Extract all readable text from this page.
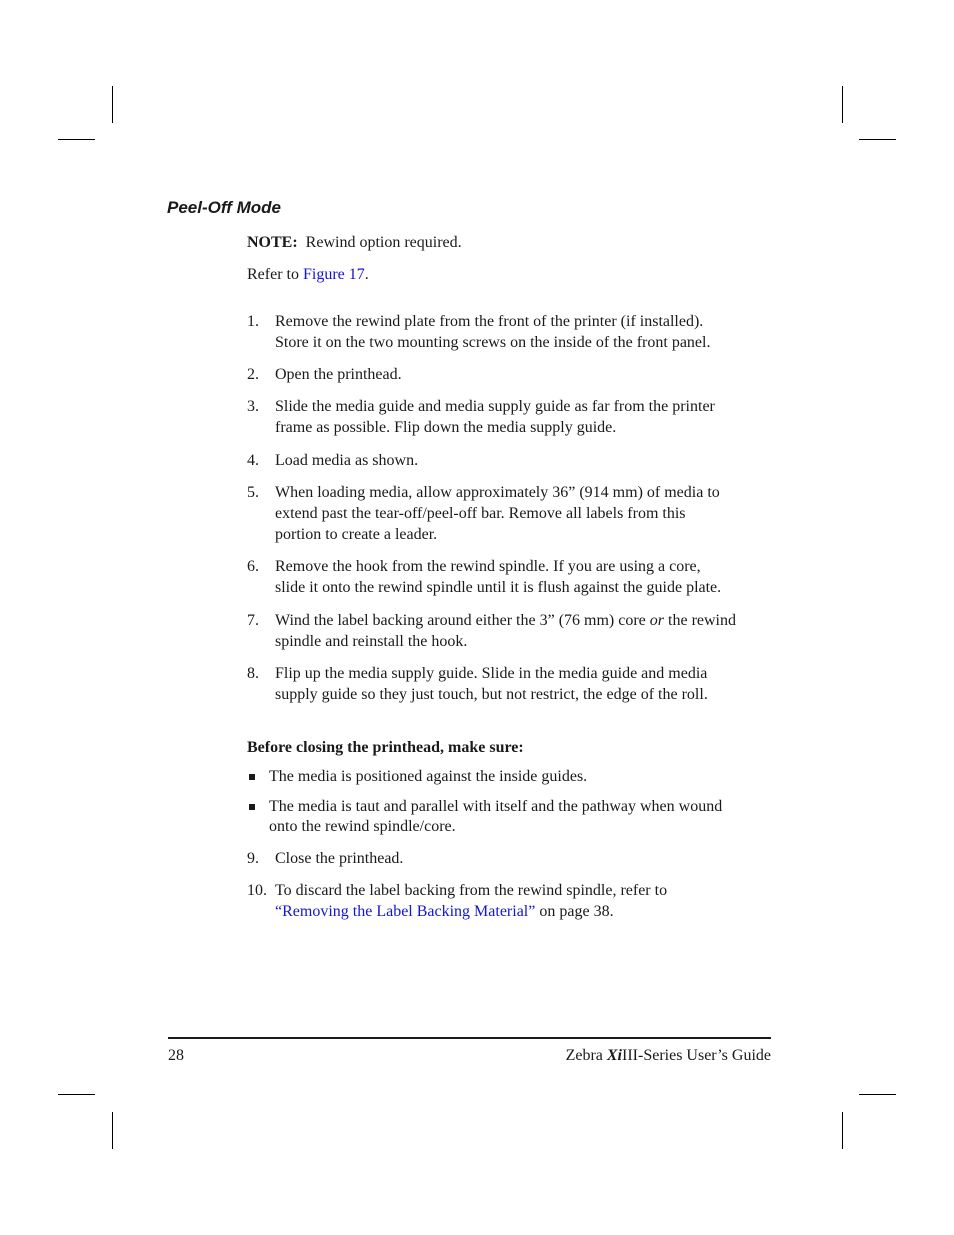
Peel-Off Mode
NOTE: Rewind option required.
Refer to Figure 17.
1. Remove the rewind plate from the front of the printer (if installed).
Store it on the two mounting screws on the inside of the front panel.
2. Open the printhead.
3. Slide the media guide and media supply guide as far from the printer
frame as possible. Flip down the media supply guide.
4. Load media as shown.
5. When loading media, allow approximately 36” (914 mm) of media to
extend past the tear-off/peel-off bar. Remove all labels from this
portion to create a leader.
6. Remove the hook from the rewind spindle. If you are using a core,
slide it onto the rewind spindle until it is flush against the guide plate.
7. Wind the label backing around either the 3” (76 mm) core or the rewind
spindle and reinstall the hook.
8. Flip up the media supply guide. Slide in the media guide and media
supply guide so they just touch, but not restrict, the edge of the roll.
Before closing the printhead, make sure:
The media is positioned against the inside guides.
The media is taut and parallel with itself and the pathway when wound
onto the rewind spindle/core.
9. Close the printhead.
10. To discard the label backing from the rewind spindle, refer to
“Removing the Label Backing Material” on page 38.
28	Zebra XiIII-Series User’s Guide
